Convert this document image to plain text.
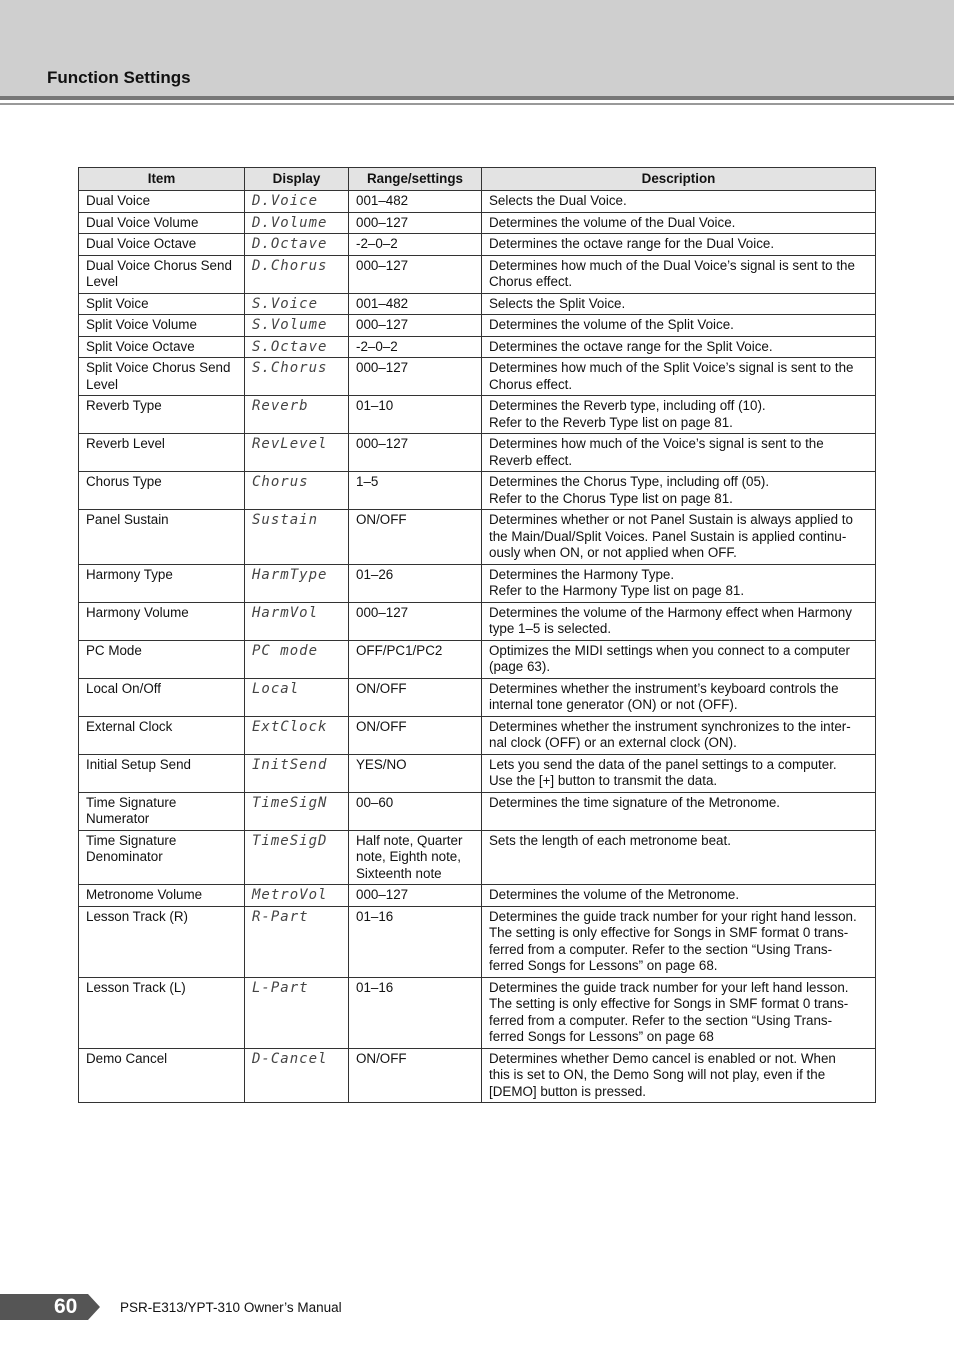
Function Settings
Item	Display	Range/settings	Description

Dual Voice	D.Voice	001–482	Selects the Dual Voice.

Dual Voice Volume	D.Volume	000–127	Determines the volume of the Dual Voice.

Dual Voice Octave	D.Octave	-2–0–2	Determines the octave range for the Dual Voice.

Dual Voice Chorus Send
Level	D.Chorus	000–127	Determines how much of the Dual Voice’s signal is sent to the
Chorus effect.

Split Voice	S.Voice	001–482	Selects the Split Voice.

Split Voice Volume	S.Volume	000–127	Determines the volume of the Split Voice.

Split Voice Octave	S.Octave	-2–0–2	Determines the octave range for the Split Voice.

Split Voice Chorus Send
Level	S.Chorus	000–127	Determines how much of the Split Voice’s signal is sent to the
Chorus effect.

Reverb Type	Reverb	01–10	Determines the Reverb type, including off (10).
Refer to the Reverb Type list on page 81.

Reverb Level	RevLevel	000–127	Determines how much of the Voice’s signal is sent to the
Reverb effect.

Chorus Type	Chorus	1–5	Determines the Chorus Type, including off (05).
Refer to the Chorus Type list on page 81.

Panel Sustain	Sustain	ON/OFF	Determines whether or not Panel Sustain is always applied to
the Main/Dual/Split Voices. Panel Sustain is applied continu-
ously when ON, or not applied when OFF.

Harmony Type	HarmType	01–26	Determines the Harmony Type.
Refer to the Harmony Type list on page 81.

Harmony Volume	HarmVol	000–127	Determines the volume of the Harmony effect when Harmony
type 1–5 is selected.

PC Mode	PC mode	OFF/PC1/PC2	Optimizes the MIDI settings when you connect to a computer
(page 63).

Local On/Off	Local	ON/OFF	Determines whether the instrument’s keyboard controls the
internal tone generator (ON) or not (OFF).

External Clock	ExtClock	ON/OFF	Determines whether the instrument synchronizes to the inter-
nal clock (OFF) or an external clock (ON).

Initial Setup Send	InitSend	YES/NO	Lets you send the data of the panel settings to a computer.
Use the [+] button to transmit the data.

Time Signature
Numerator	TimeSigN	00–60	Determines the time signature of the Metronome.

Time Signature
Denominator	TimeSigD	Half note, Quarter
note, Eighth note,
Sixteenth note	Sets the length of each metronome beat.

Metronome Volume	MetroVol	000–127	Determines the volume of the Metronome.

Lesson Track (R)	R-Part	01–16	Determines the guide track number for your right hand lesson.
The setting is only effective for Songs in SMF format 0 trans-
ferred from a computer. Refer to the section “Using Trans-
ferred Songs for Lessons” on page 68.

Lesson Track (L)	L-Part	01–16	Determines the guide track number for your left hand lesson.
The setting is only effective for Songs in SMF format 0 trans-
ferred from a computer. Refer to the section “Using Trans-
ferred Songs for Lessons” on page 68

Demo Cancel	D-Cancel	ON/OFF	Determines whether Demo cancel is enabled or not. When
this is set to ON, the Demo Song will not play, even if the
[DEMO] button is pressed.
60	PSR-E313/YPT-310 Owner’s Manual
